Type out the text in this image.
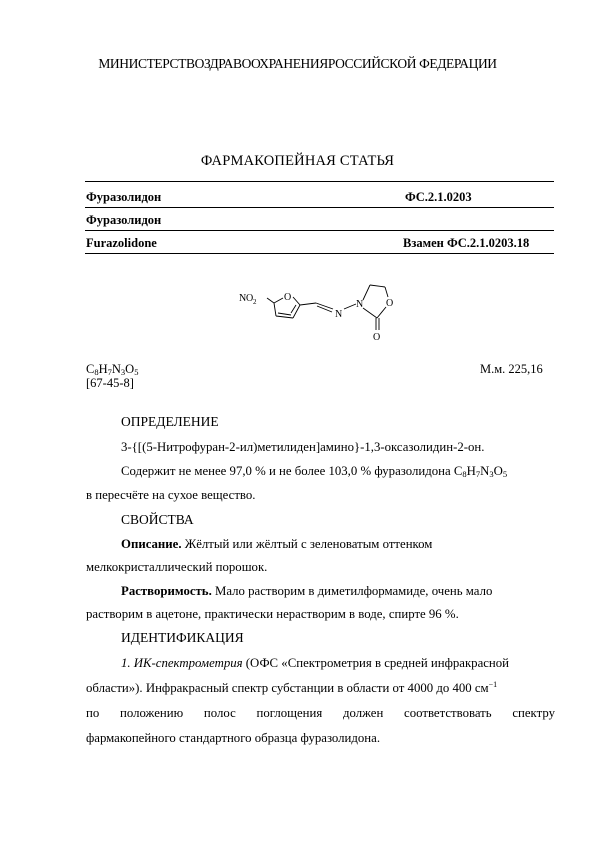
МИНИСТЕРСТВОЗДРАВООХРАНЕНИЯРОССИЙСКОЙ ФЕДЕРАЦИИ
ФАРМАКОПЕЙНАЯ СТАТЬЯ
Фуразолидон	ФС.2.1.0203
Фуразолидон
Furazolidone	Взамен ФС.2.1.0203.18
N O 2	O
N
N O
O
$C_8H_7N_3O_5$
[67-45-8]
М.м. 225,16
ОПРЕДЕЛЕНИЕ
3-{[(5-Нитрофуран-2-ил)метилиден]амино}-1,3-оксазолидин-2-он.
Содержит не менее 97,0 % и не более 103,0 % фуразолидона $C_8H_7N_3O_5$
в пересчёте на сухое вещество.
СВОЙСТВА
Описание. Жёлтый или жёлтый с зеленоватым оттенком
мелкокристаллический порошок.
Растворимость. Мало растворим в диметилформамиде, очень мало
растворим в ацетоне, практически нерастворим в воде, спирте 96 %.
ИДЕНТИФИКАЦИЯ
1. ИК-спектрометрия (ОФС «Спектрометрия в средней инфракрасной
области»). Инфракрасный спектр субстанции в области от 4000 до 400 $см^{-1}$
по положению полос поглощения должен соответствовать спектру
фармакопейного стандартного образца фуразолидона.
